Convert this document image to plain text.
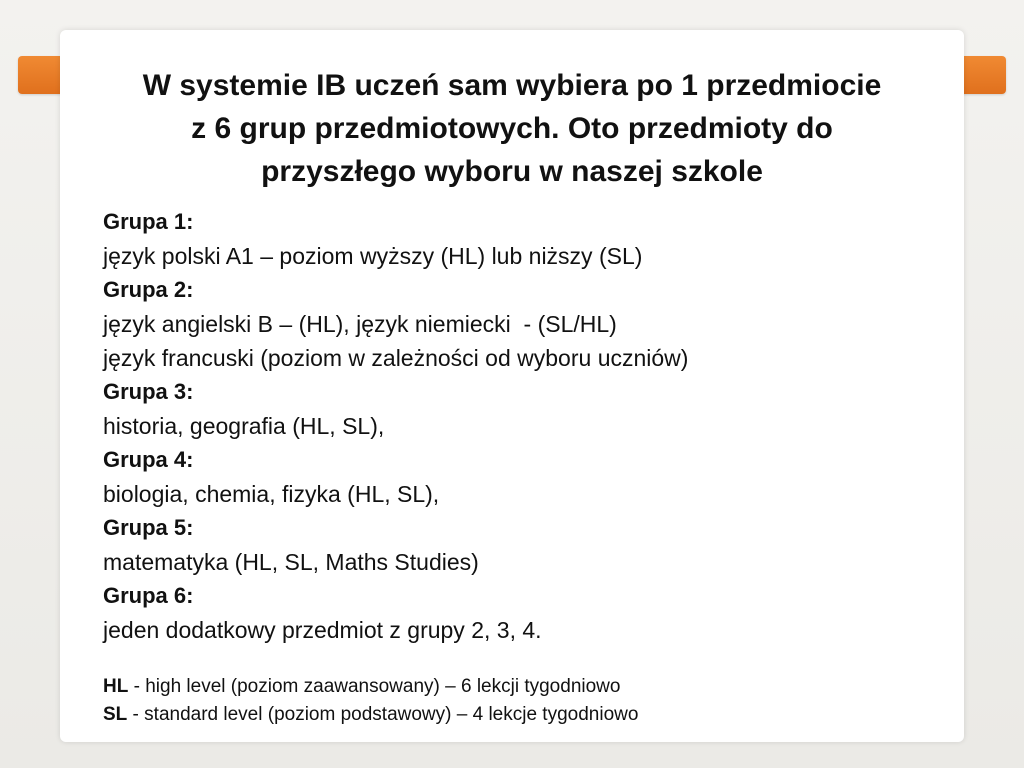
W systemie IB uczeń sam wybiera po 1 przedmiocie
z 6 grup przedmiotowych. Oto przedmioty do
przyszłego wyboru w naszej szkole
Grupa 1:
język polski A1 – poziom wyższy (HL) lub niższy (SL)
Grupa 2:
język angielski B – (HL), język niemiecki  - (SL/HL)
język francuski (poziom w zależności od wyboru uczniów)
Grupa 3:
historia, geografia (HL, SL),
Grupa 4:
biologia, chemia, fizyka (HL, SL),
Grupa 5:
matematyka (HL, SL, Maths Studies)
Grupa 6:
jeden dodatkowy przedmiot z grupy 2, 3, 4.
HL - high level (poziom zaawansowany) – 6 lekcji tygodniowo
SL - standard level (poziom podstawowy) – 4 lekcje tygodniowo
